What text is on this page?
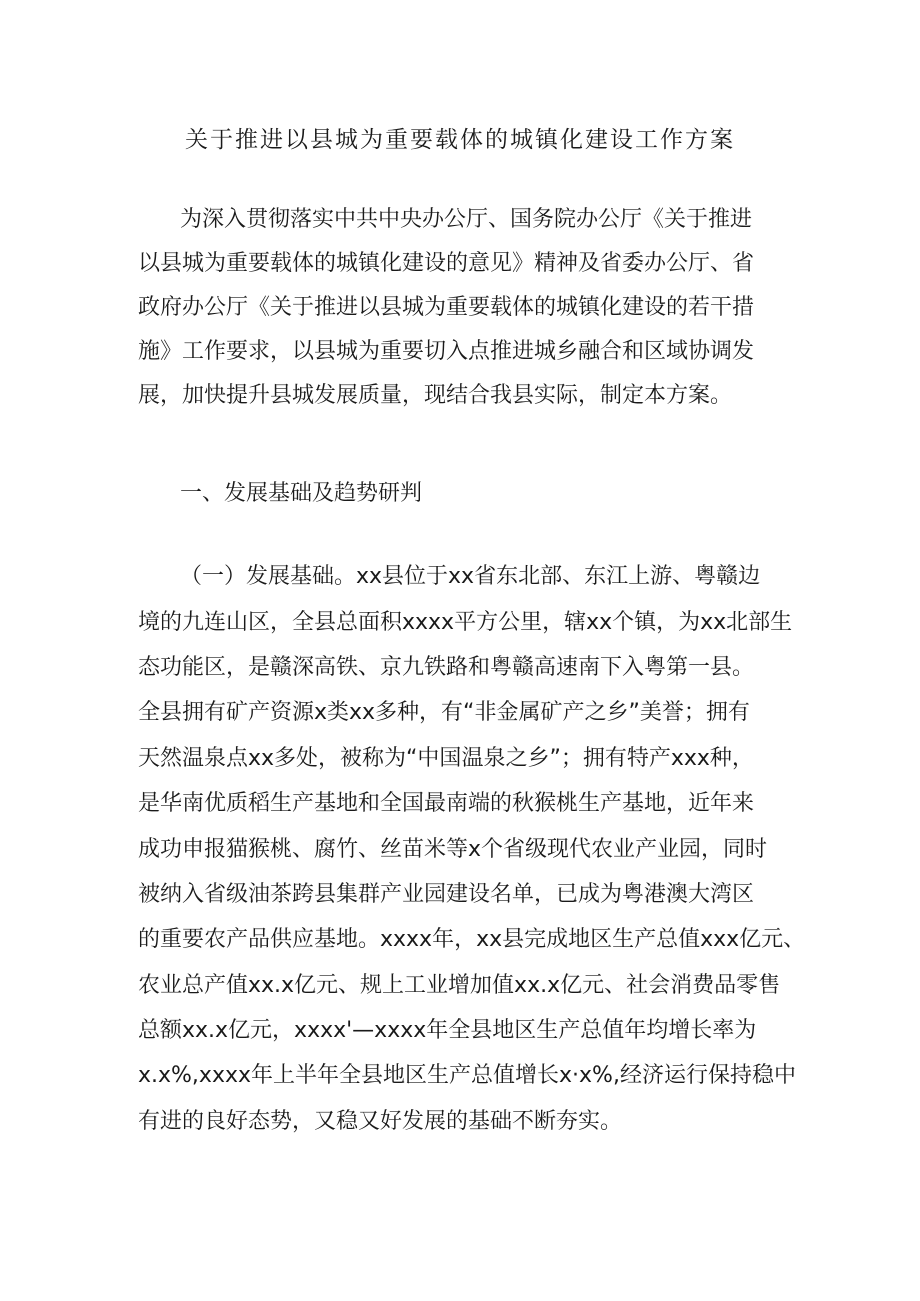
关于推进以县城为重要载体的城镇化建设工作方案

为深入贯彻落实中共中央办公厅、国务院办公厅《关于推进

以县城为重要载体的城镇化建设的意见》精神及省委办公厅、省

政府办公厅《关于推进以县城为重要载体的城镇化建设的若干措

施》工作要求，以县城为重要切入点推进城乡融合和区域协调发

展，加快提升县城发展质量，现结合我县实际，制定本方案。

一、发展基础及趋势研判

（一）发展基础。xx县位于xx省东北部、东江上游、粤赣边

境的九连山区，全县总面积xxxx平方公里，辖xx个镇，为xx北部生

态功能区，是赣深高铁、京九铁路和粤赣高速南下入粤第一县。

全县拥有矿产资源x类xx多种，有“非金属矿产之乡”美誉；拥有

天然温泉点xx多处，被称为“中国温泉之乡”；拥有特产xxx种，

是华南优质稻生产基地和全国最南端的秋猴桃生产基地，近年来

成功申报猫猴桃、腐竹、丝苗米等x个省级现代农业产业园，同时

被纳入省级油茶跨县集群产业园建设名单，已成为粤港澳大湾区

的重要农产品供应基地。xxxx年，xx县完成地区生产总值xxx亿元、

农业总产值xx.x亿元、规上工业增加值xx.x亿元、社会消费品零售

总额xx.x亿元，xxxx'—xxxx年全县地区生产总值年均增长率为

x.x%,xxxx年上半年全县地区生产总值增长x·x%,经济运行保持稳中

有进的良好态势，又稳又好发展的基础不断夯实。
